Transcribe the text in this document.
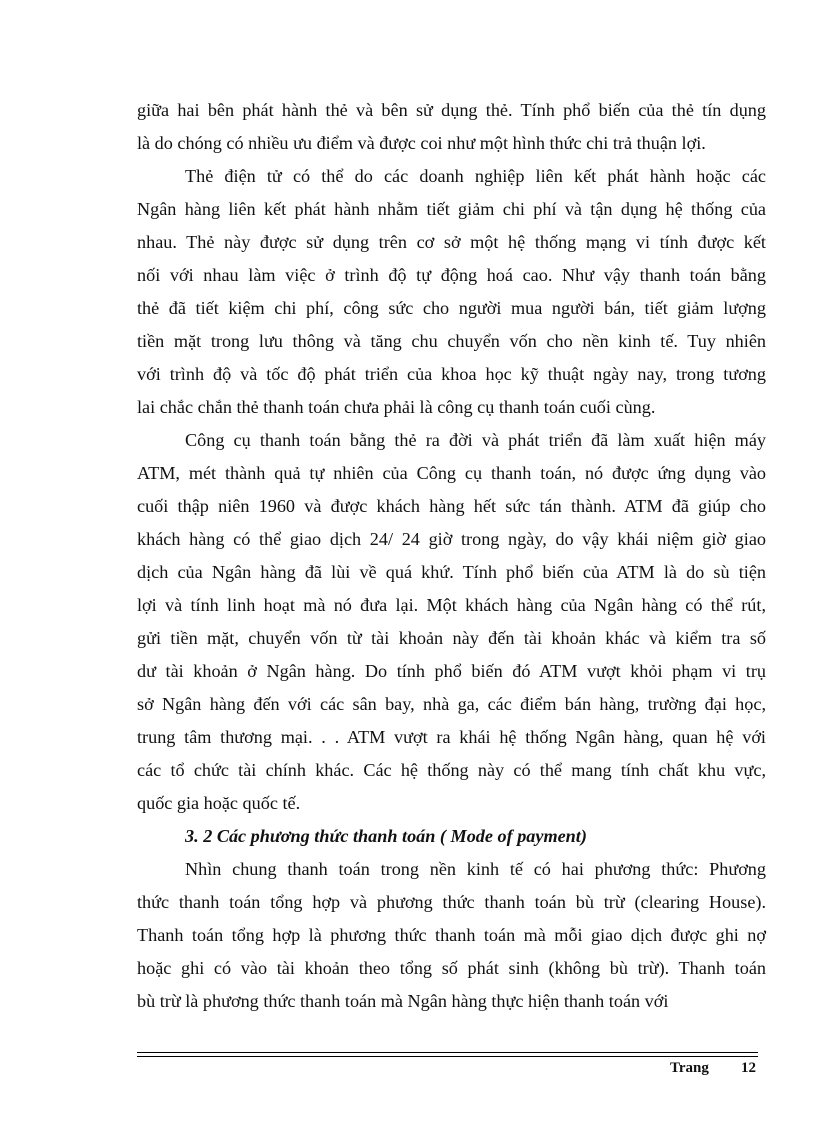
giữa hai bên phát hành thẻ và bên sử dụng thẻ. Tính phổ biến của thẻ tín dụng
là do chóng có nhiều ưu điểm và được coi như một hình thức chi trả thuận lợi.
Thẻ điện tử có thể do các doanh nghiệp liên kết phát hành hoặc các
Ngân hàng liên kết phát hành nhằm tiết giảm chi phí và tận dụng hệ thống của
nhau. Thẻ này được sử dụng trên cơ sở một hệ thống mạng vi tính được kết
nối với nhau làm việc ở trình độ tự động hoá cao. Như vậy thanh toán bằng
thẻ đã tiết kiệm chi phí, công sức cho người mua người bán, tiết giảm lượng
tiền mặt trong lưu thông và tăng chu chuyển vốn cho nền kinh tế. Tuy nhiên
với trình độ và tốc độ phát triển của khoa học kỹ thuật ngày nay, trong tương
lai chắc chắn thẻ thanh toán chưa phải là công cụ thanh toán cuối cùng.
Công cụ thanh toán bằng thẻ ra đời và phát triển đã làm xuất hiện máy
ATM, mét thành quả tự nhiên của Công cụ thanh toán, nó được ứng dụng vào
cuối thập niên 1960 và được khách hàng hết sức tán thành. ATM đã giúp cho
khách hàng có thể giao dịch 24/ 24 giờ trong ngày, do vậy khái niệm giờ giao
dịch của Ngân hàng đã lùi về quá khứ. Tính phổ biến của ATM là do sù tiện
lợi và tính linh hoạt mà nó đưa lại. Một khách hàng của Ngân hàng có thể rút,
gửi tiền mặt, chuyển vốn từ tài khoản này đến tài khoản khác và kiểm tra số
dư tài khoản ở Ngân hàng. Do tính phổ biến đó ATM vượt khỏi phạm vi trụ
sở Ngân hàng đến với các sân bay, nhà ga, các điểm bán hàng, trường đại học,
trung tâm thương mại. . . ATM vượt ra khái hệ thống Ngân hàng, quan hệ với
các tổ chức tài chính khác. Các hệ thống này có thể mang tính chất khu vực,
quốc gia hoặc quốc tế.
3. 2 Các phương thức thanh toán ( Mode of payment)
Nhìn chung thanh toán trong nền kinh tế có hai phương thức: Phương
thức thanh toán tổng hợp và phương thức thanh toán bù trừ (clearing House).
Thanh toán tổng hợp là phương thức thanh toán mà mỗi giao dịch được ghi nợ
hoặc ghi có vào tài khoản theo tổng số phát sinh (không bù trừ). Thanh toán
bù trừ là phương thức thanh toán mà Ngân hàng thực hiện thanh toán với
Trang 12
